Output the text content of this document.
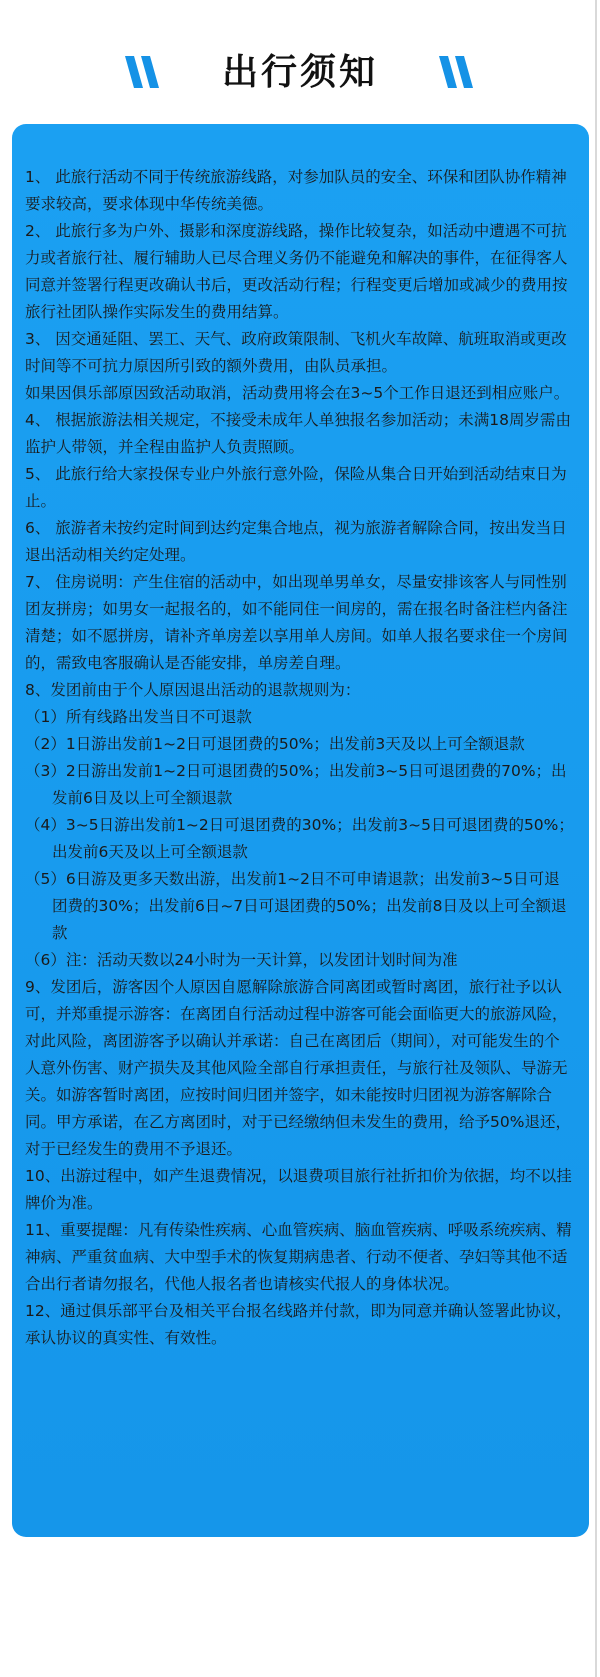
出行须知

1、 此旅行活动不同于传统旅游线路，对参加队员的安全、环保和团队协作精神要求较高，要求体现中华传统美德。

2、 此旅行多为户外、摄影和深度游线路，操作比较复杂，如活动中遭遇不可抗力或者旅行社、履行辅助人已尽合理义务仍不能避免和解决的事件，在征得客人同意并签署行程更改确认书后，更改活动行程；行程变更后增加或减少的费用按旅行社团队操作实际发生的费用结算。

3、 因交通延阻、罢工、天气、政府政策限制、飞机火车故障、航班取消或更改时间等不可抗力原因所引致的额外费用，由队员承担。

如果因俱乐部原因致活动取消，活动费用将会在3~5个工作日退还到相应账户。

4、 根据旅游法相关规定，不接受未成年人单独报名参加活动；未满18周岁需由监护人带领，并全程由监护人负责照顾。

5、 此旅行给大家投保专业户外旅行意外险，保险从集合日开始到活动结束日为止。

6、 旅游者未按约定时间到达约定集合地点，视为旅游者解除合同，按出发当日退出活动相关约定处理。

7、 住房说明：产生住宿的活动中，如出现单男单女，尽量安排该客人与同性别团友拼房；如男女一起报名的，如不能同住一间房的，需在报名时备注栏内备注清楚；如不愿拼房，请补齐单房差以享用单人房间。如单人报名要求住一个房间的，需致电客服确认是否能安排，单房差自理。

8、发团前由于个人原因退出活动的退款规则为：

（1）所有线路出发当日不可退款

（2）1日游出发前1~2日可退团费的50%；出发前3天及以上可全额退款

（3）2日游出发前1~2日可退团费的50%；出发前3~5日可退团费的70%；出发前6日及以上可全额退款

（4）3~5日游出发前1~2日可退团费的30%；出发前3~5日可退团费的50%；出发前6天及以上可全额退款

（5）6日游及更多天数出游，出发前1~2日不可申请退款；出发前3~5日可退团费的30%；出发前6日~7日可退团费的50%；出发前8日及以上可全额退款

（6）注：活动天数以24小时为一天计算，以发团计划时间为准

9、发团后，游客因个人原因自愿解除旅游合同离团或暂时离团，旅行社予以认可，并郑重提示游客：在离团自行活动过程中游客可能会面临更大的旅游风险，对此风险，离团游客予以确认并承诺：自己在离团后（期间），对可能发生的个人意外伤害、财产损失及其他风险全部自行承担责任，与旅行社及领队、导游无关。如游客暂时离团，应按时间归团并签字，如未能按时归团视为游客解除合同。甲方承诺，在乙方离团时，对于已经缴纳但未发生的费用，给予50%退还，对于已经发生的费用不予退还。

10、出游过程中，如产生退费情况，以退费项目旅行社折扣价为依据，均不以挂牌价为准。

11、重要提醒：凡有传染性疾病、心血管疾病、脑血管疾病、呼吸系统疾病、精神病、严重贫血病、大中型手术的恢复期病患者、行动不便者、孕妇等其他不适合出行者请勿报名，代他人报名者也请核实代报人的身体状况。

12、通过俱乐部平台及相关平台报名线路并付款，即为同意并确认签署此协议，承认协议的真实性、有效性。
